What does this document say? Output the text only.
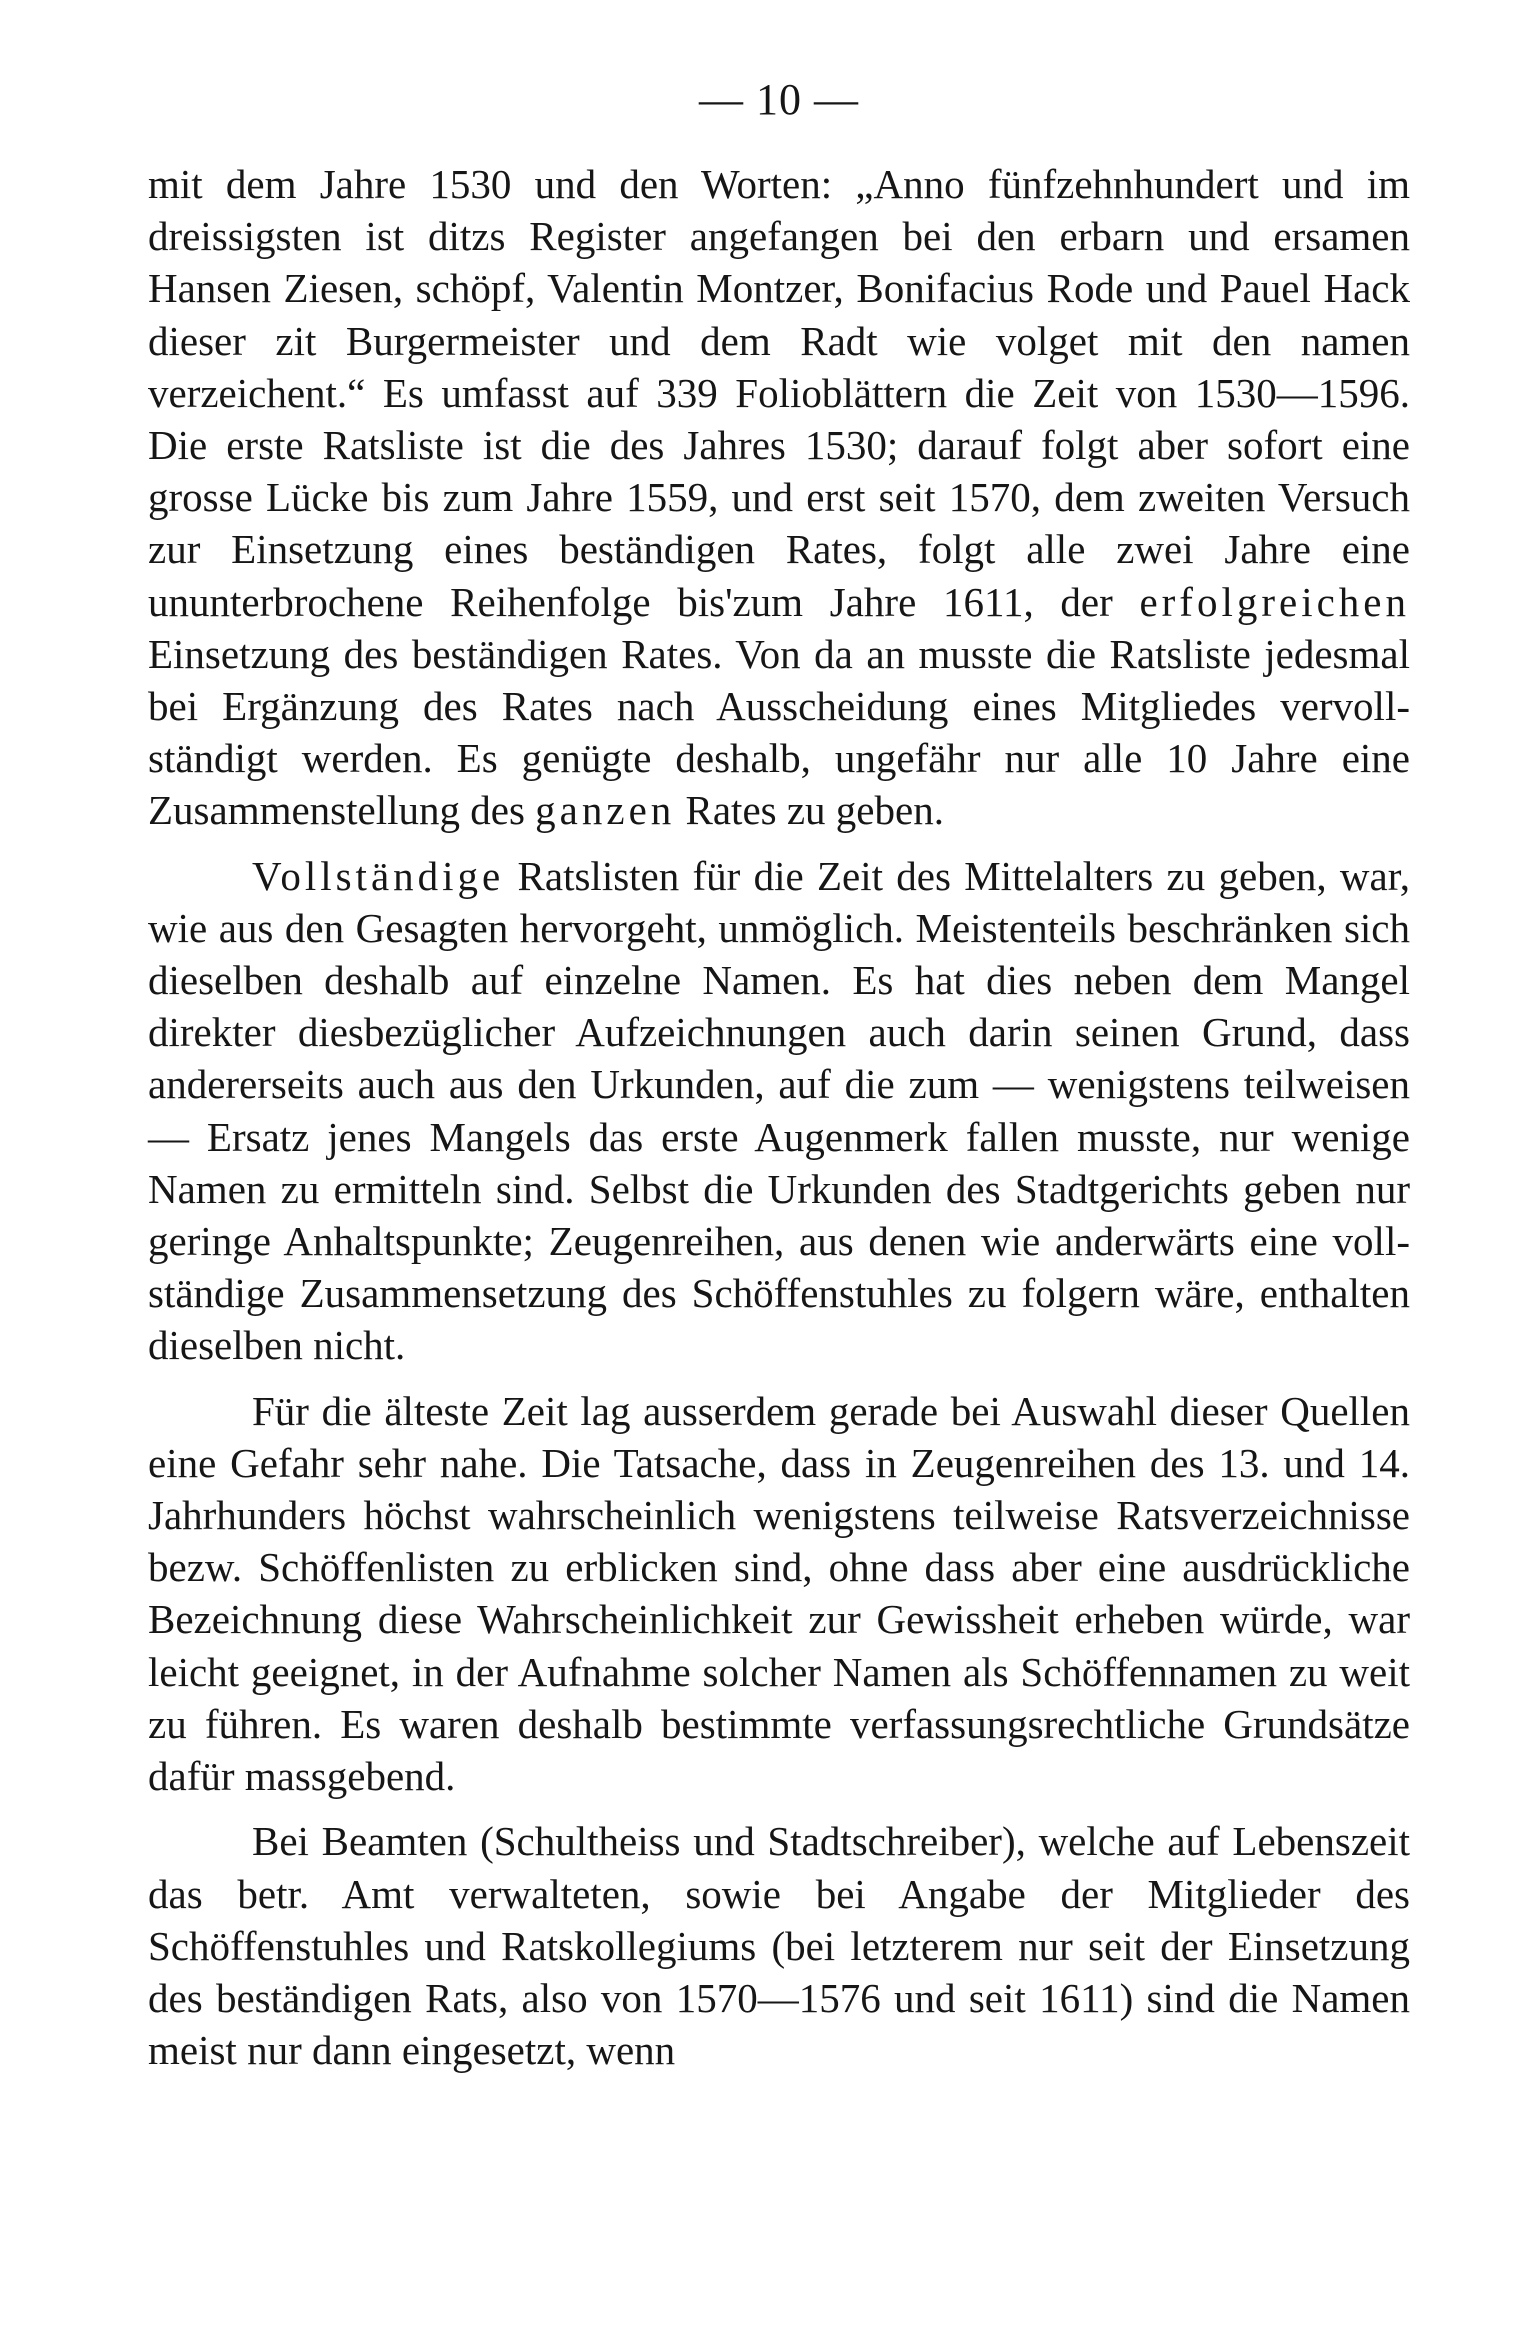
— 10 —

mit dem Jahre 1530 und den Worten: „Anno fünfzehnhundert und im dreissigsten ist ditzs Register angefangen bei den erbarn und ersamen Hansen Ziesen, schöpf, Valentin Montzer, Bonifacius Rode und Pauel Hack dieser zit Burgermeister und dem Radt wie volget mit den namen verzeichent.“ Es umfasst auf 339 Folioblättern die Zeit von 1530—1596. Die erste Ratsliste ist die des Jahres 1530; darauf folgt aber sofort eine grosse Lücke bis zum Jahre 1559, und erst seit 1570, dem zweiten Versuch zur Einsetzung eines beständigen Rates, folgt alle zwei Jahre eine ununterbrochene Reihenfolge bis'zum Jahre 1611, der erfolgreichen Einsetzung des beständigen Rates. Von da an musste die Ratsliste jedesmal bei Ergänzung des Rates nach Ausscheidung eines Mitgliedes vervollständigt werden. Es genügte deshalb, ungefähr nur alle 10 Jahre eine Zusammenstellung des ganzen Rates zu geben.

Vollständige Ratslisten für die Zeit des Mittelalters zu geben, war, wie aus den Gesagten hervorgeht, unmöglich. Meistenteils beschränken sich dieselben deshalb auf einzelne Namen. Es hat dies neben dem Mangel direkter diesbezüglicher Aufzeichnungen auch darin seinen Grund, dass andererseits auch aus den Urkunden, auf die zum — wenigstens teilweisen — Ersatz jenes Mangels das erste Augenmerk fallen musste, nur wenige Namen zu ermitteln sind. Selbst die Urkunden des Stadtgerichts geben nur geringe Anhaltspunkte; Zeugenreihen, aus denen wie anderwärts eine vollständige Zusammensetzung des Schöffenstuhles zu folgern wäre, enthalten dieselben nicht.

Für die älteste Zeit lag ausserdem gerade bei Auswahl dieser Quellen eine Gefahr sehr nahe. Die Tatsache, dass in Zeugenreihen des 13. und 14. Jahrhunders höchst wahrscheinlich wenigstens teilweise Ratsverzeichnisse bezw. Schöffenlisten zu erblicken sind, ohne dass aber eine ausdrückliche Bezeichnung diese Wahrscheinlichkeit zur Gewissheit erheben würde, war leicht geeignet, in der Aufnahme solcher Namen als Schöffennamen zu weit zu führen. Es waren deshalb bestimmte verfassungsrechtliche Grundsätze dafür massgebend.

Bei Beamten (Schultheiss und Stadtschreiber), welche auf Lebenszeit das betr. Amt verwalteten, sowie bei Angabe der Mitglieder des Schöffenstuhles und Ratskollegiums (bei letzterem nur seit der Einsetzung des beständigen Rats, also von 1570—1576 und seit 1611) sind die Namen meist nur dann eingesetzt, wenn
